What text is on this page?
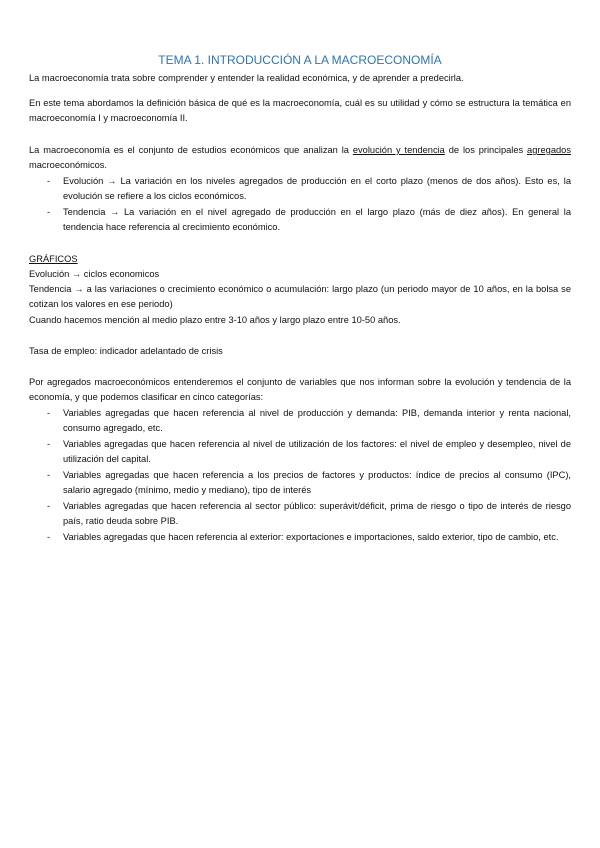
TEMA 1. INTRODUCCIÓN A LA MACROECONOMÍA

La macroeconomía trata sobre comprender y entender la realidad económica, y de aprender a predecirla.

En este tema abordamos la definición básica de qué es la macroeconomía, cuál es su utilidad y cómo se estructura la temática en macroeconomía I y macroeconomía II.

La macroeconomía es el conjunto de estudios económicos que analizan la evolución y tendencia de los principales agregados macroeconómicos.

- Evolución → La variación en los niveles agregados de producción en el corto plazo (menos de dos años). Esto es, la evolución se refiere a los ciclos económicos.
- Tendencia → La variación en el nivel agregado de producción en el largo plazo (más de diez años). En general la tendencia hace referencia al crecimiento económico.
GRÁFICOS
Evolución → ciclos economicos
Tendencia → a las variaciones o crecimiento económico o acumulación: largo plazo (un periodo mayor de 10 años, en la bolsa se cotizan los valores en ese periodo)
Cuando hacemos mención al medio plazo entre 3-10 años y largo plazo entre 10-50 años.
Tasa de empleo: indicador adelantado de crisis

Por agregados macroeconómicos entenderemos el conjunto de variables que nos informan sobre la evolución y tendencia de la economía, y que podemos clasificar en cinco categorías:

- Variables agregadas que hacen referencia al nivel de producción y demanda: PIB, demanda interior y renta nacional, consumo agregado, etc.
- Variables agregadas que hacen referencia al nivel de utilización de los factores: el nivel de empleo y desempleo, nivel de utilización del capital.
- Variables agregadas que hacen referencia a los precios de factores y productos: índice de precios al consumo (IPC), salario agregado (mínimo, medio y mediano), tipo de interés
- Variables agregadas que hacen referencia al sector público: superávit/déficit, prima de riesgo o tipo de interés de riesgo país, ratio deuda sobre PIB.
- Variables agregadas que hacen referencia al exterior: exportaciones e importaciones, saldo exterior, tipo de cambio, etc.
